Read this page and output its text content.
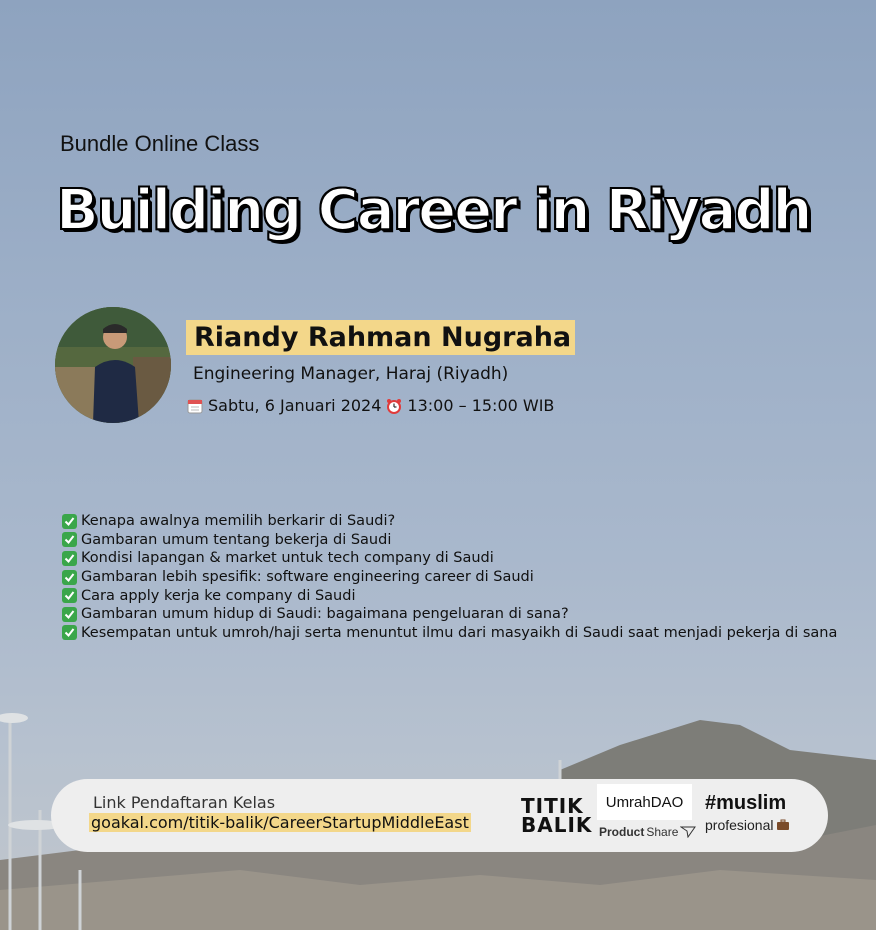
Bundle Online Class
Building Career in Riyadh
Riandy Rahman Nugraha
Engineering Manager, Haraj (Riyadh)
Sabtu, 6 Januari 2024 13:00 – 15:00 WIB
Kenapa awalnya memilih berkarir di Saudi?
Gambaran umum tentang bekerja di Saudi
Kondisi lapangan & market untuk tech company di Saudi
Gambaran lebih spesifik: software engineering career di Saudi
Cara apply kerja ke company di Saudi
Gambaran umum hidup di Saudi: bagaimana pengeluaran di sana?
Kesempatan untuk umroh/haji serta menuntut ilmu dari masyaikh di Saudi saat menjadi pekerja di sana
Link Pendaftaran Kelas
goakal.com/titik-balik/CareerStartupMiddleEast
TITIK
BALIK
UmrahDAO
Product Share
#muslim
profesional
